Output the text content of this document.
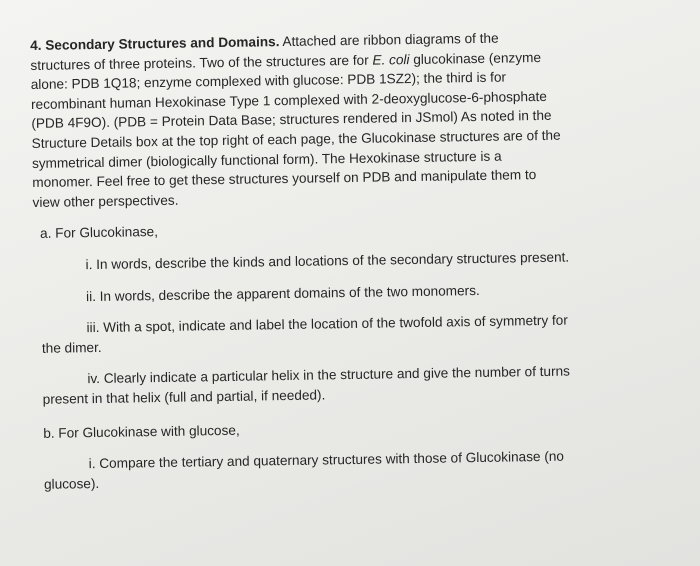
4. Secondary Structures and Domains. Attached are ribbon diagrams of the
structures of three proteins. Two of the structures are for E. coli glucokinase (enzyme
alone: PDB 1Q18; enzyme complexed with glucose: PDB 1SZ2); the third is for
recombinant human Hexokinase Type 1 complexed with 2-deoxyglucose-6-phosphate
(PDB 4F9O). (PDB = Protein Data Base; structures rendered in JSmol) As noted in the
Structure Details box at the top right of each page, the Glucokinase structures are of the
symmetrical dimer (biologically functional form). The Hexokinase structure is a
monomer. Feel free to get these structures yourself on PDB and manipulate them to
view other perspectives.

a. For Glucokinase,

i. In words, describe the kinds and locations of the secondary structures present.

ii. In words, describe the apparent domains of the two monomers.

iii. With a spot, indicate and label the location of the twofold axis of symmetry for

the dimer.

iv. Clearly indicate a particular helix in the structure and give the number of turns

present in that helix (full and partial, if needed).

b. For Glucokinase with glucose,

i. Compare the tertiary and quaternary structures with those of Glucokinase (no

glucose).
